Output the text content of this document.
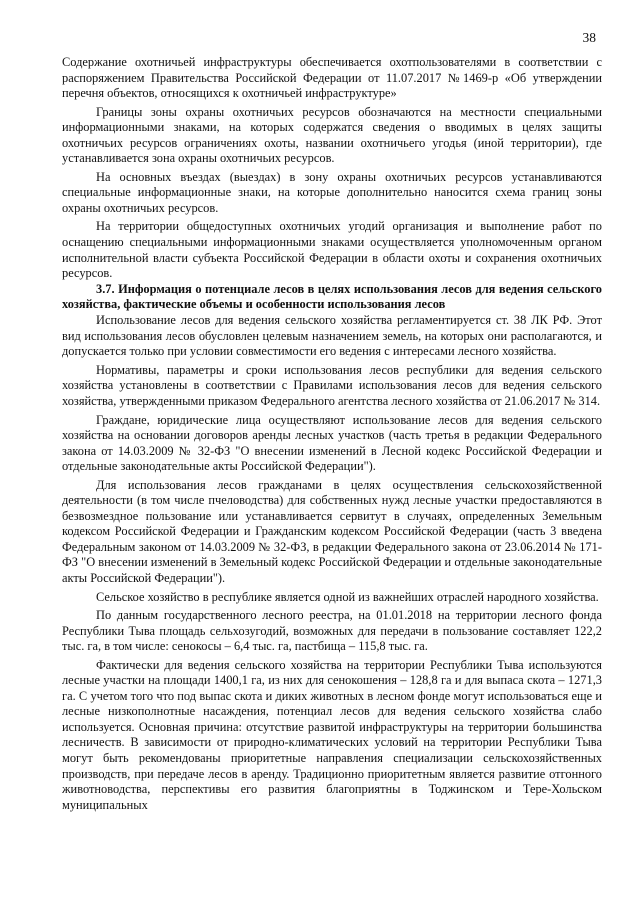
38

Содержание охотничьей инфраструктуры обеспечивается охотпользователями в соответствии с распоряжением Правительства Российской Федерации от 11.07.2017 №1469-р «Об утверждении перечня объектов, относящихся к охотничьей инфраструктуре»

Границы зоны охраны охотничьих ресурсов обозначаются на местности специальными информационными знаками, на которых содержатся сведения о вводимых в целях защиты охотничьих ресурсов ограничениях охоты, названии охотничьего угодья (иной территории), где устанавливается зона охраны охотничьих ресурсов.

На основных въездах (выездах) в зону охраны охотничьих ресурсов устанавливаются специальные информационные знаки, на которые дополнительно наносится схема границ зоны охраны охотничьих ресурсов.

На территории общедоступных охотничьих угодий организация и выполнение работ по оснащению специальными информационными знаками осуществляется уполномоченным органом исполнительной власти субъекта Российской Федерации в области охоты и сохранения охотничьих ресурсов.

3.7. Информация о потенциале лесов в целях использования лесов для ведения сельского хозяйства, фактические объемы и особенности использования лесов

Использование лесов для ведения сельского хозяйства регламентируется ст. 38 ЛК РФ. Этот вид использования лесов обусловлен целевым назначением земель, на которых они располагаются, и допускается только при условии совместимости его ведения с интересами лесного хозяйства.

Нормативы, параметры и сроки использования лесов республики для ведения сельского хозяйства установлены в соответствии с Правилами использования лесов для ведения сельского хозяйства, утвержденными приказом Федерального агентства лесного хозяйства от 21.06.2017 № 314.

Граждане, юридические лица осуществляют использование лесов для ведения сельского хозяйства на основании договоров аренды лесных участков (часть третья в редакции Федерального закона от 14.03.2009 № 32-ФЗ "О внесении изменений в Лесной кодекс Российской Федерации и отдельные законодательные акты Российской Федерации").

Для использования лесов гражданами в целях осуществления сельскохозяйственной деятельности (в том числе пчеловодства) для собственных нужд лесные участки предоставляются в безвозмездное пользование или устанавливается сервитут в случаях, определенных Земельным кодексом Российской Федерации и Гражданским кодексом Российской Федерации (часть 3 введена Федеральным законом от 14.03.2009 № 32-ФЗ, в редакции Федерального закона от 23.06.2014 № 171-ФЗ "О внесении изменений в Земельный кодекс Российской Федерации и отдельные законодательные акты Российской Федерации").

Сельское хозяйство в республике является одной из важнейших отраслей народного хозяйства.

По данным государственного лесного реестра, на 01.01.2018 на территории лесного фонда Республики Тыва площадь сельхозугодий, возможных для передачи в пользование составляет 122,2 тыс. га, в том числе: сенокосы – 6,4 тыс. га, пастбища – 115,8 тыс. га.

Фактически для ведения сельского хозяйства на территории Республики Тыва используются лесные участки на площади 1400,1 га, из них для сенокошения – 128,8 га и для выпаса скота – 1271,3 га. С учетом того что под выпас скота и диких животных в лесном фонде могут использоваться еще и лесные низкополнотные насаждения, потенциал лесов для ведения сельского хозяйства слабо используется. Основная причина: отсутствие развитой инфраструктуры на территории большинства лесничеств. В зависимости от природно-климатических условий на территории Республики Тыва могут быть рекомендованы приоритетные направления специализации сельскохозяйственных производств, при передаче лесов в аренду. Традиционно приоритетным является развитие отгонного животноводства, перспективы его развития благоприятны в Тоджинском и Тере-Хольском муниципальных
